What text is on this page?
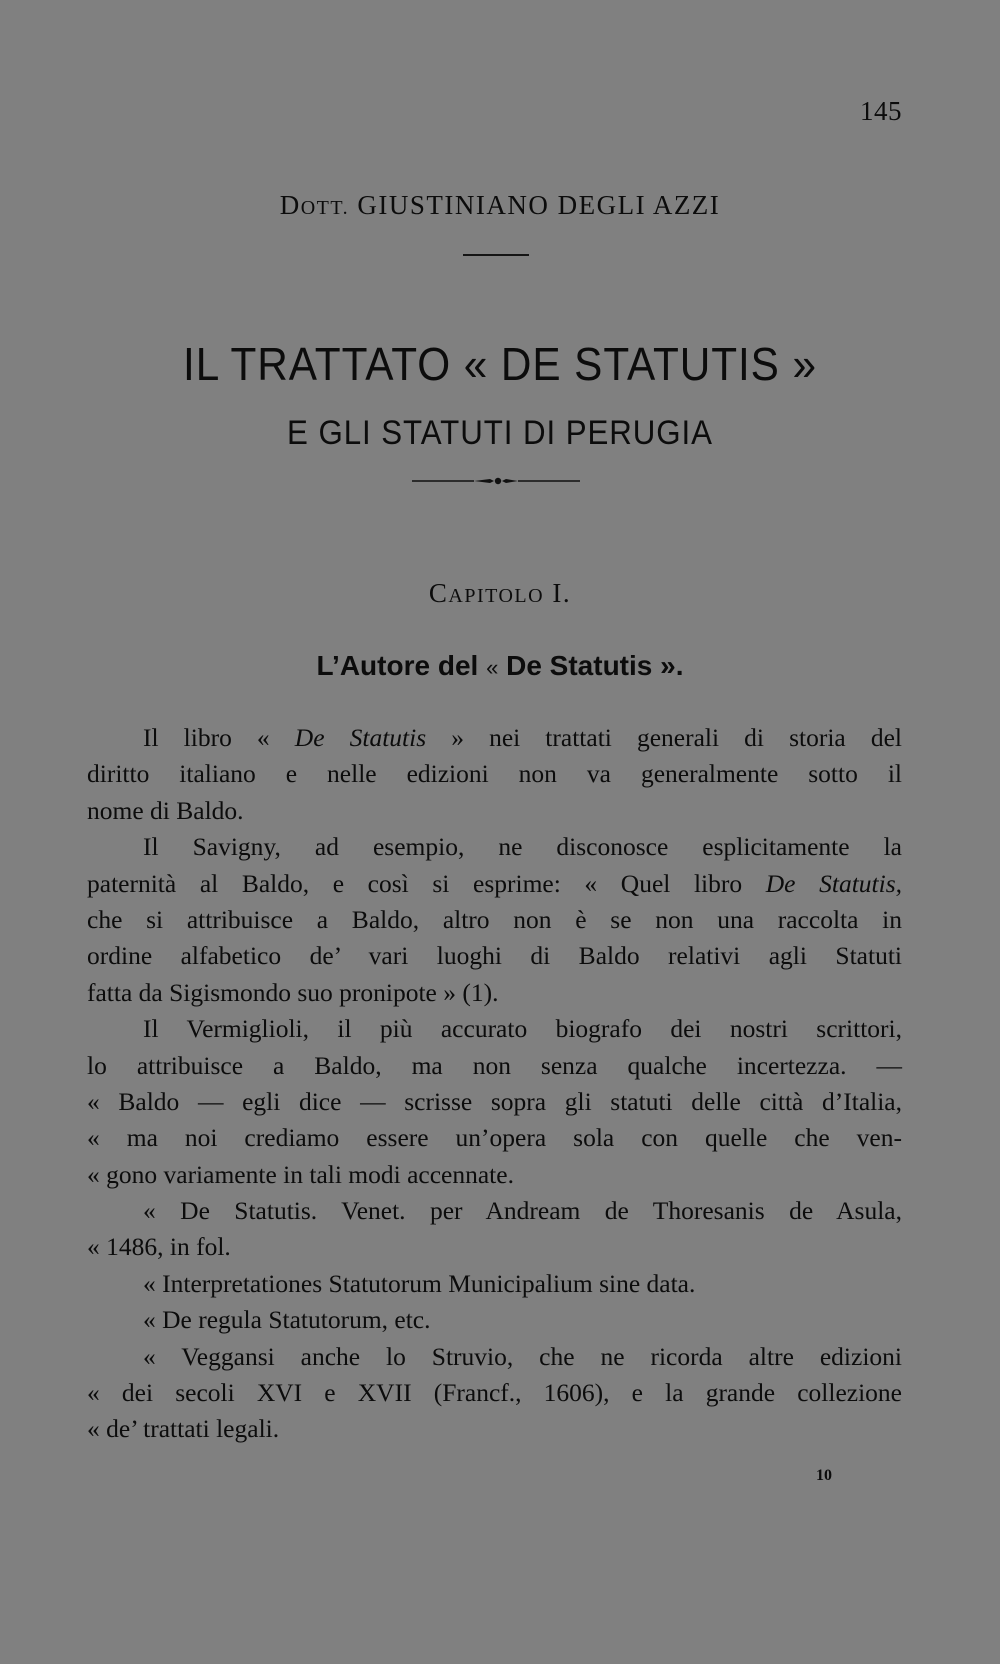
145
DOTT. GIUSTINIANO DEGLI AZZI
IL TRATTATO « DE STATUTIS »
E GLI STATUTI DI PERUGIA
CAPITOLO I.
L’Autore del « De Statutis ».
Il libro « De Statutis » nei trattati generali di storia del
diritto italiano e nelle edizioni non va generalmente sotto il
nome di Baldo.
Il Savigny, ad esempio, ne disconosce esplicitamente la
paternità al Baldo, e così si esprime: « Quel libro De Statutis,
che si attribuisce a Baldo, altro non è se non una raccolta in
ordine alfabetico de’ vari luoghi di Baldo relativi agli Statuti
fatta da Sigismondo suo pronipote » (1).
Il Vermiglioli, il più accurato biografo dei nostri scrittori,
lo attribuisce a Baldo, ma non senza qualche incertezza. —
« Baldo — egli dice — scrisse sopra gli statuti delle città d’Italia,
« ma noi crediamo essere un’opera sola con quelle che ven-
« gono variamente in tali modi accennate.
« De Statutis. Venet. per Andream de Thoresanis de Asula,
« 1486, in fol.
« Interpretationes Statutorum Municipalium sine data.
« De regula Statutorum, etc.
« Veggansi anche lo Struvio, che ne ricorda altre edizioni
« dei secoli XVI e XVII (Francf., 1606), e la grande collezione
« de’ trattati legali.
10
